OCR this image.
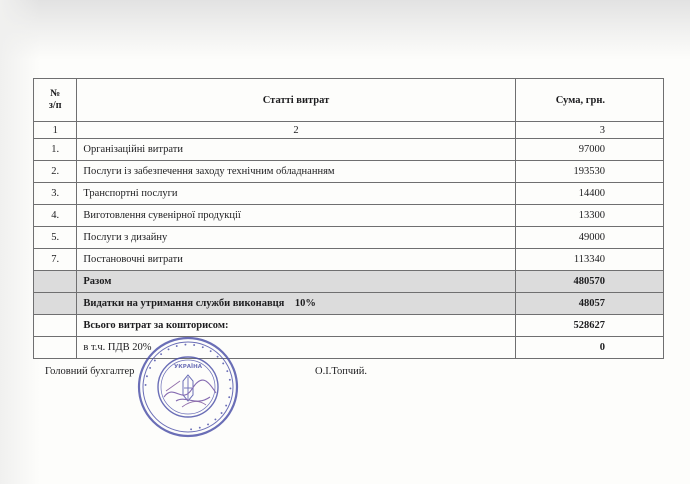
№
з/п	Статті витрат	Сума, грн.
1	2	3
1.	Організаційні витрати	97000
2.	Послуги із забезпечення заходу технічним обладнанням	193530
3.	Транспортні послуги	14400
4.	Виготовлення сувенірної продукції	13300
5.	Послуги з дизайну	49000
7.	Постановочні витрати	113340
	Разом	480570
	Видатки на утримання служби виконавця    10%	48057
	Всього витрат за кошторисом:	528627
	в т.ч. ПДВ 20%	0
Головний бухгалтер	О.І.Топчий.
• • • • • • • • • • • • • • • • • • • • • • •
УКРАЇНА
